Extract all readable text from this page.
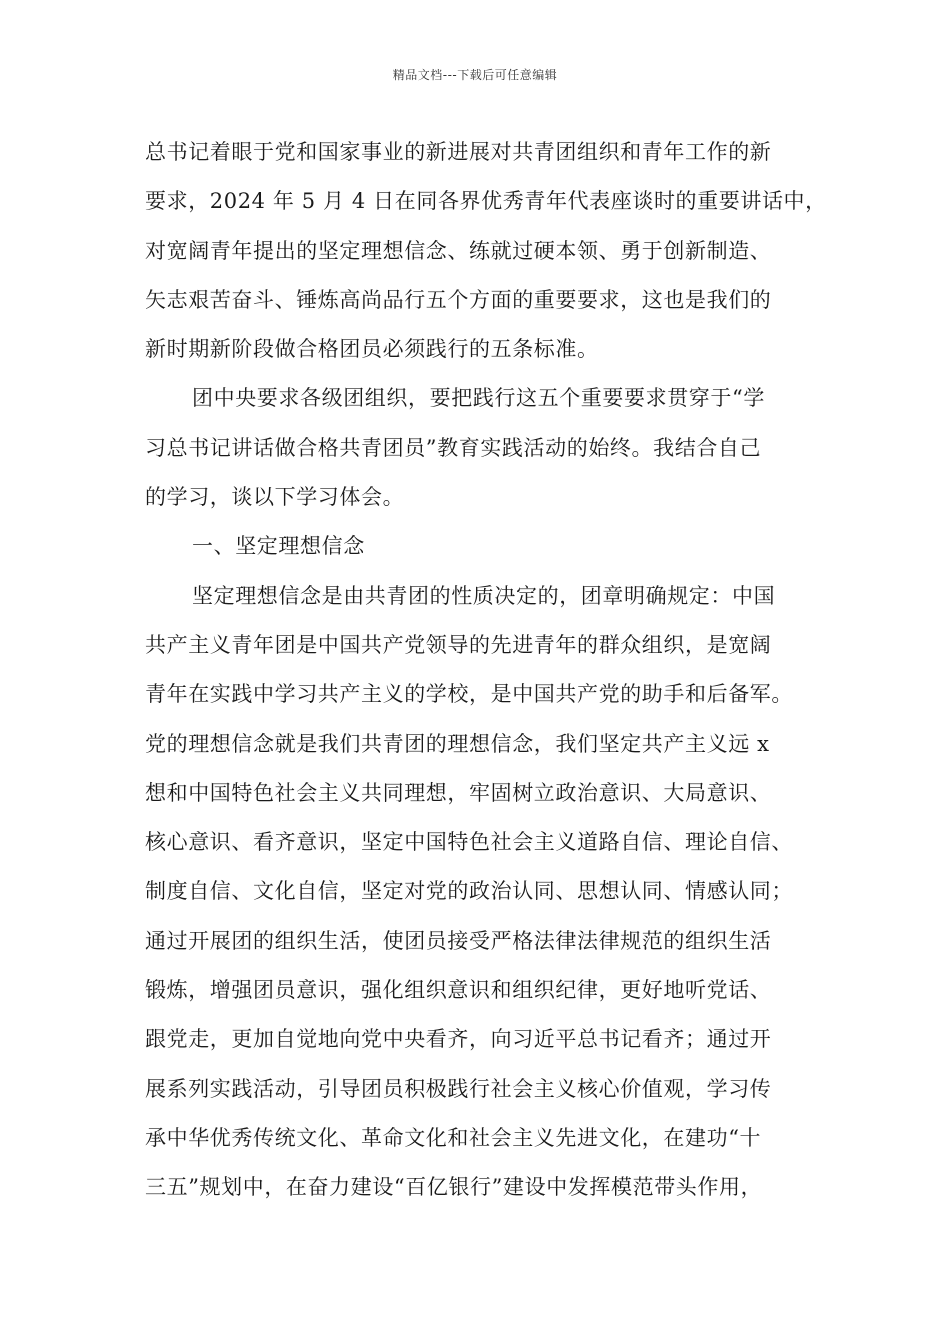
精品文档---下载后可任意编辑
总书记着眼于党和国家事业的新进展对共青团组织和青年工作的新
要求，2024 年 5 月 4 日在同各界优秀青年代表座谈时的重要讲话中，
对宽阔青年提出的坚定理想信念、练就过硬本领、勇于创新制造、
矢志艰苦奋斗、锤炼高尚品行五个方面的重要要求，这也是我们的
新时期新阶段做合格团员必须践行的五条标准。
团中央要求各级团组织，要把践行这五个重要要求贯穿于“学
习总书记讲话做合格共青团员”教育实践活动的始终。我结合自己
的学习，谈以下学习体会。
一、坚定理想信念
坚定理想信念是由共青团的性质决定的，团章明确规定：中国
共产主义青年团是中国共产党领导的先进青年的群众组织，是宽阔
青年在实践中学习共产主义的学校，是中国共产党的助手和后备军。
党的理想信念就是我们共青团的理想信念，我们坚定共产主义远 x
想和中国特色社会主义共同理想，牢固树立政治意识、大局意识、
核心意识、看齐意识，坚定中国特色社会主义道路自信、理论自信、
制度自信、文化自信，坚定对党的政治认同、思想认同、情感认同；
通过开展团的组织生活，使团员接受严格法律法律规范的组织生活
锻炼，增强团员意识，强化组织意识和组织纪律，更好地听党话、
跟党走，更加自觉地向党中央看齐，向习近平总书记看齐；通过开
展系列实践活动，引导团员积极践行社会主义核心价值观，学习传
承中华优秀传统文化、革命文化和社会主义先进文化，在建功“十
三五”规划中，在奋力建设“百亿银行”建设中发挥模范带头作用，
